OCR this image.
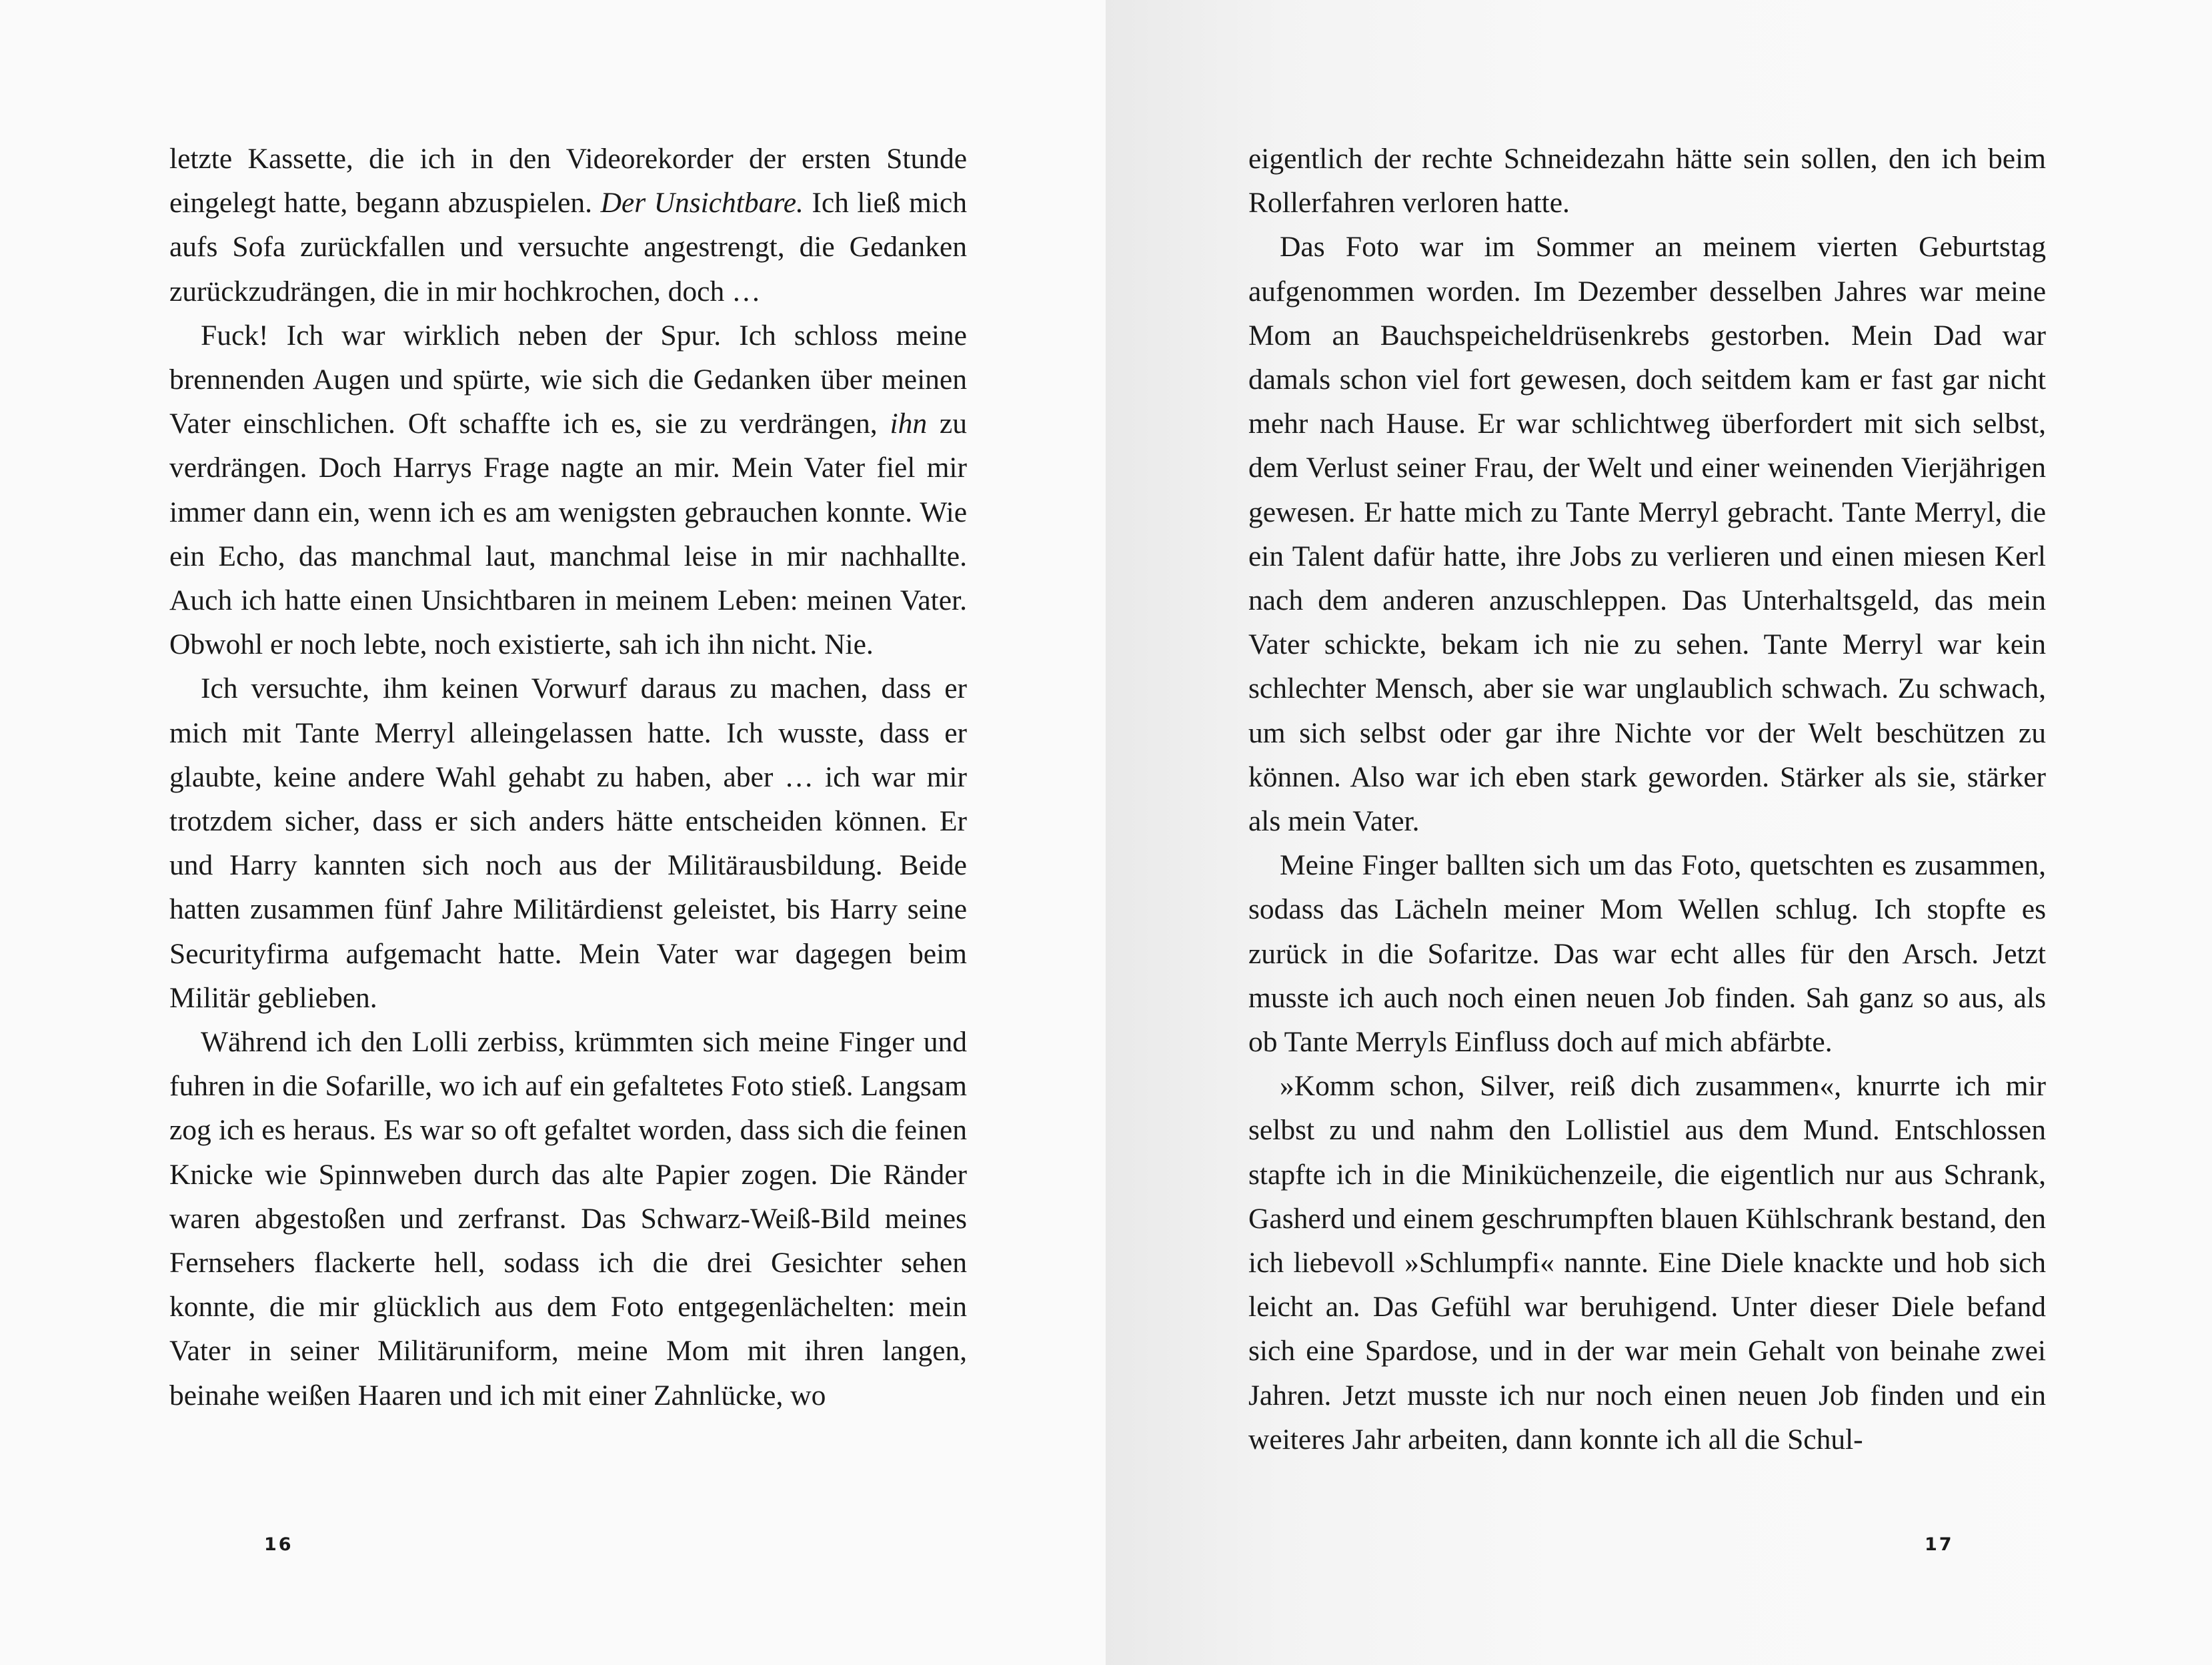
letzte Kassette, die ich in den Videorekorder der ersten Stunde eingelegt hatte, begann abzuspielen. Der Unsichtbare. Ich ließ mich aufs Sofa zurückfallen und versuchte angestrengt, die Gedanken zurückzudrängen, die in mir hochkrochen, doch …

Fuck! Ich war wirklich neben der Spur. Ich schloss meine brennenden Augen und spürte, wie sich die Gedanken über meinen Vater einschlichen. Oft schaffte ich es, sie zu verdrängen, ihn zu verdrängen. Doch Harrys Frage nagte an mir. Mein Vater fiel mir immer dann ein, wenn ich es am wenigsten gebrauchen konnte. Wie ein Echo, das manchmal laut, manchmal leise in mir nachhallte. Auch ich hatte einen Unsichtbaren in meinem Leben: meinen Vater. Obwohl er noch lebte, noch existierte, sah ich ihn nicht. Nie.

Ich versuchte, ihm keinen Vorwurf daraus zu machen, dass er mich mit Tante Merryl alleingelassen hatte. Ich wusste, dass er glaubte, keine andere Wahl gehabt zu haben, aber … ich war mir trotzdem sicher, dass er sich anders hätte entscheiden können. Er und Harry kannten sich noch aus der Militärausbildung. Beide hatten zusammen fünf Jahre Militärdienst geleistet, bis Harry seine Securityfirma aufgemacht hatte. Mein Vater war dagegen beim Militär geblieben.

Während ich den Lolli zerbiss, krümmten sich meine Finger und fuhren in die Sofarille, wo ich auf ein gefaltetes Foto stieß. Langsam zog ich es heraus. Es war so oft gefaltet worden, dass sich die feinen Knicke wie Spinnweben durch das alte Papier zogen. Die Ränder waren abgestoßen und zerfranst. Das Schwarz-Weiß-Bild meines Fernsehers flackerte hell, sodass ich die drei Gesichter sehen konnte, die mir glücklich aus dem Foto entgegenlächelten: mein Vater in seiner Militäruniform, meine Mom mit ihren langen, beinahe weißen Haaren und ich mit einer Zahnlücke, wo

16

eigentlich der rechte Schneidezahn hätte sein sollen, den ich beim Rollerfahren verloren hatte.

Das Foto war im Sommer an meinem vierten Geburtstag aufgenommen worden. Im Dezember desselben Jahres war meine Mom an Bauchspeicheldrüsenkrebs gestorben. Mein Dad war damals schon viel fort gewesen, doch seitdem kam er fast gar nicht mehr nach Hause. Er war schlichtweg überfordert mit sich selbst, dem Verlust seiner Frau, der Welt und einer weinenden Vierjährigen gewesen. Er hatte mich zu Tante Merryl gebracht. Tante Merryl, die ein Talent dafür hatte, ihre Jobs zu verlieren und einen miesen Kerl nach dem anderen anzuschleppen. Das Unterhaltsgeld, das mein Vater schickte, bekam ich nie zu sehen. Tante Merryl war kein schlechter Mensch, aber sie war unglaublich schwach. Zu schwach, um sich selbst oder gar ihre Nichte vor der Welt beschützen zu können. Also war ich eben stark geworden. Stärker als sie, stärker als mein Vater.

Meine Finger ballten sich um das Foto, quetschten es zusammen, sodass das Lächeln meiner Mom Wellen schlug. Ich stopfte es zurück in die Sofaritze. Das war echt alles für den Arsch. Jetzt musste ich auch noch einen neuen Job finden. Sah ganz so aus, als ob Tante Merryls Einfluss doch auf mich abfärbte.

»Komm schon, Silver, reiß dich zusammen«, knurrte ich mir selbst zu und nahm den Lollistiel aus dem Mund. Entschlossen stapfte ich in die Miniküchenzeile, die eigentlich nur aus Schrank, Gasherd und einem geschrumpften blauen Kühlschrank bestand, den ich liebevoll »Schlumpfi« nannte. Eine Diele knackte und hob sich leicht an. Das Gefühl war beruhigend. Unter dieser Diele befand sich eine Spardose, und in der war mein Gehalt von beinahe zwei Jahren. Jetzt musste ich nur noch einen neuen Job finden und ein weiteres Jahr arbeiten, dann konnte ich all die Schul-

17
